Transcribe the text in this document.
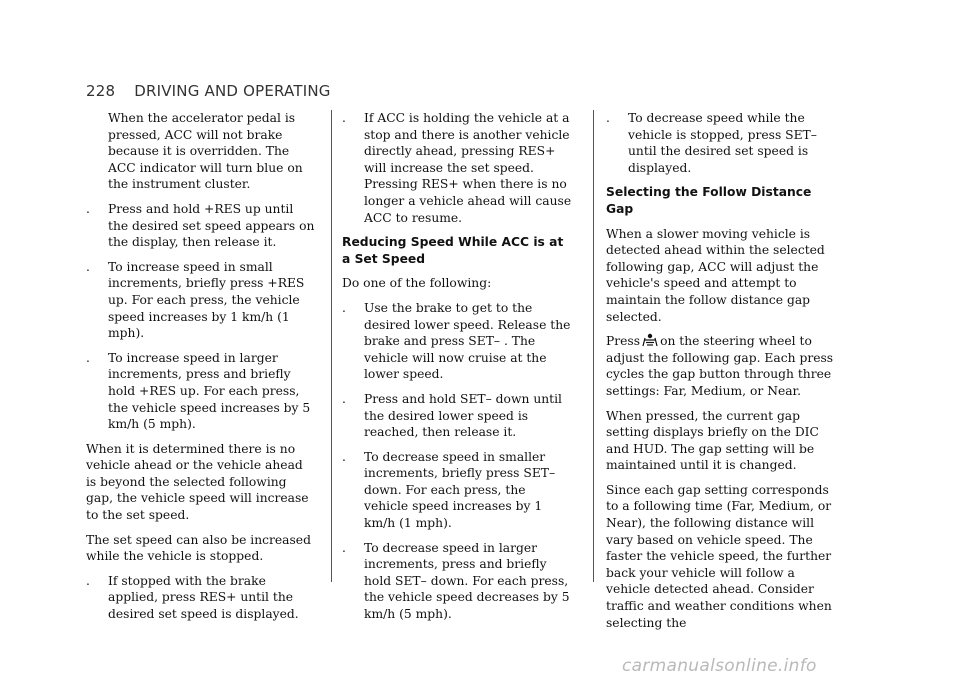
228 DRIVING AND OPERATING

When the accelerator pedal is pressed, ACC will not brake because it is overridden. The ACC indicator will turn blue on the instrument cluster.

.	Press and hold +RES up until the desired set speed appears on the display, then release it.
.	To increase speed in small increments, briefly press +RES up. For each press, the vehicle speed increases by 1 km/h (1 mph).
.	To increase speed in larger increments, press and briefly hold +RES up. For each press, the vehicle speed increases by 5 km/h (5 mph).

When it is determined there is no vehicle ahead or the vehicle ahead is beyond the selected following gap, the vehicle speed will increase to the set speed.

The set speed can also be increased while the vehicle is stopped.

.	If stopped with the brake applied, press RES+ until the desired set speed is displayed.
.	If ACC is holding the vehicle at a stop and there is another vehicle directly ahead, pressing RES+ will increase the set speed. Pressing RES+ when there is no longer a vehicle ahead will cause ACC to resume.
Reducing Speed While ACC is at a Set Speed

Do one of the following:

.	Use the brake to get to the desired lower speed. Release the brake and press SET– . The vehicle will now cruise at the lower speed.
.	Press and hold SET– down until the desired lower speed is reached, then release it.
.	To decrease speed in smaller increments, briefly press SET– down. For each press, the vehicle speed increases by 1 km/h (1 mph).
.	To decrease speed in larger increments, press and briefly hold SET– down. For each press, the vehicle speed decreases by 5 km/h (5 mph).
.	To decrease speed while the vehicle is stopped, press SET– until the desired set speed is displayed.
Selecting the Follow Distance Gap

When a slower moving vehicle is detected ahead within the selected following gap, ACC will adjust the vehicle's speed and attempt to maintain the follow distance gap selected.

Press on the steering wheel to adjust the following gap. Each press cycles the gap button through three settings: Far, Medium, or Near.

When pressed, the current gap setting displays briefly on the DIC and HUD. The gap setting will be maintained until it is changed.

Since each gap setting corresponds to a following time (Far, Medium, or Near), the following distance will vary based on vehicle speed. The faster the vehicle speed, the further back your vehicle will follow a vehicle detected ahead. Consider traffic and weather conditions when selecting the

carmanualsonline.info
